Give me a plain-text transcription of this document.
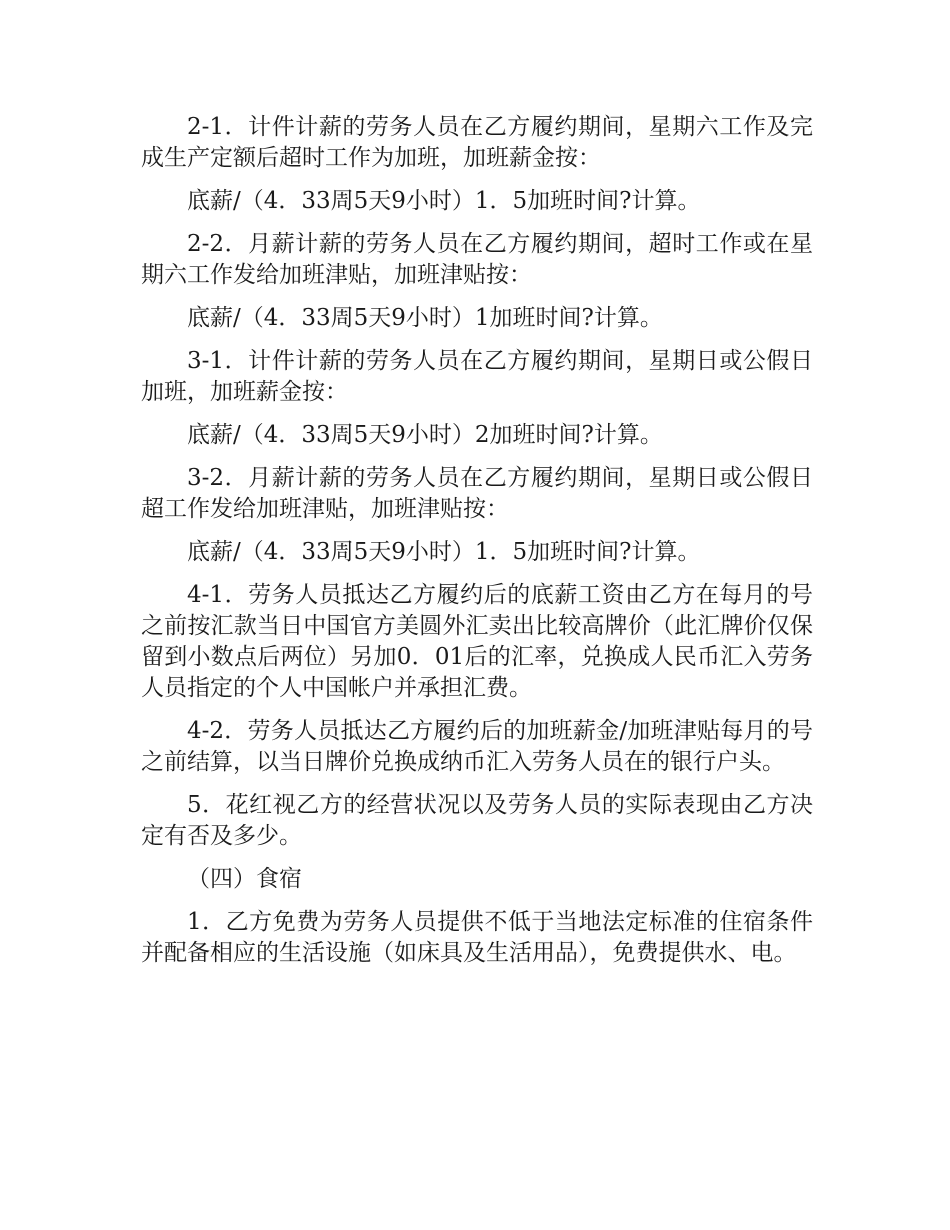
2-1．计件计薪的劳务人员在乙方履约期间，星期六工作及完成生产定额后超时工作为加班，加班薪金按：

底薪/（4．33周5天9小时）1．5加班时间?计算。

2-2．月薪计薪的劳务人员在乙方履约期间，超时工作或在星期六工作发给加班津贴，加班津贴按：

底薪/（4．33周5天9小时）1加班时间?计算。

3-1．计件计薪的劳务人员在乙方履约期间，星期日或公假日加班，加班薪金按：

底薪/（4．33周5天9小时）2加班时间?计算。

3-2．月薪计薪的劳务人员在乙方履约期间，星期日或公假日超工作发给加班津贴，加班津贴按：

底薪/（4．33周5天9小时）1．5加班时间?计算。

4-1．劳务人员抵达乙方履约后的底薪工资由乙方在每月的号之前按汇款当日中国官方美圆外汇卖出比较高牌价（此汇牌价仅保留到小数点后两位）另加0．01后的汇率，兑换成人民币汇入劳务人员指定的个人中国帐户并承担汇费。

4-2．劳务人员抵达乙方履约后的加班薪金/加班津贴每月的号之前结算，以当日牌价兑换成纳币汇入劳务人员在的银行户头。

5．花红视乙方的经营状况以及劳务人员的实际表现由乙方决定有否及多少。

（四）食宿

1．乙方免费为劳务人员提供不低于当地法定标准的住宿条件并配备相应的生活设施（如床具及生活用品），免费提供水、电。
